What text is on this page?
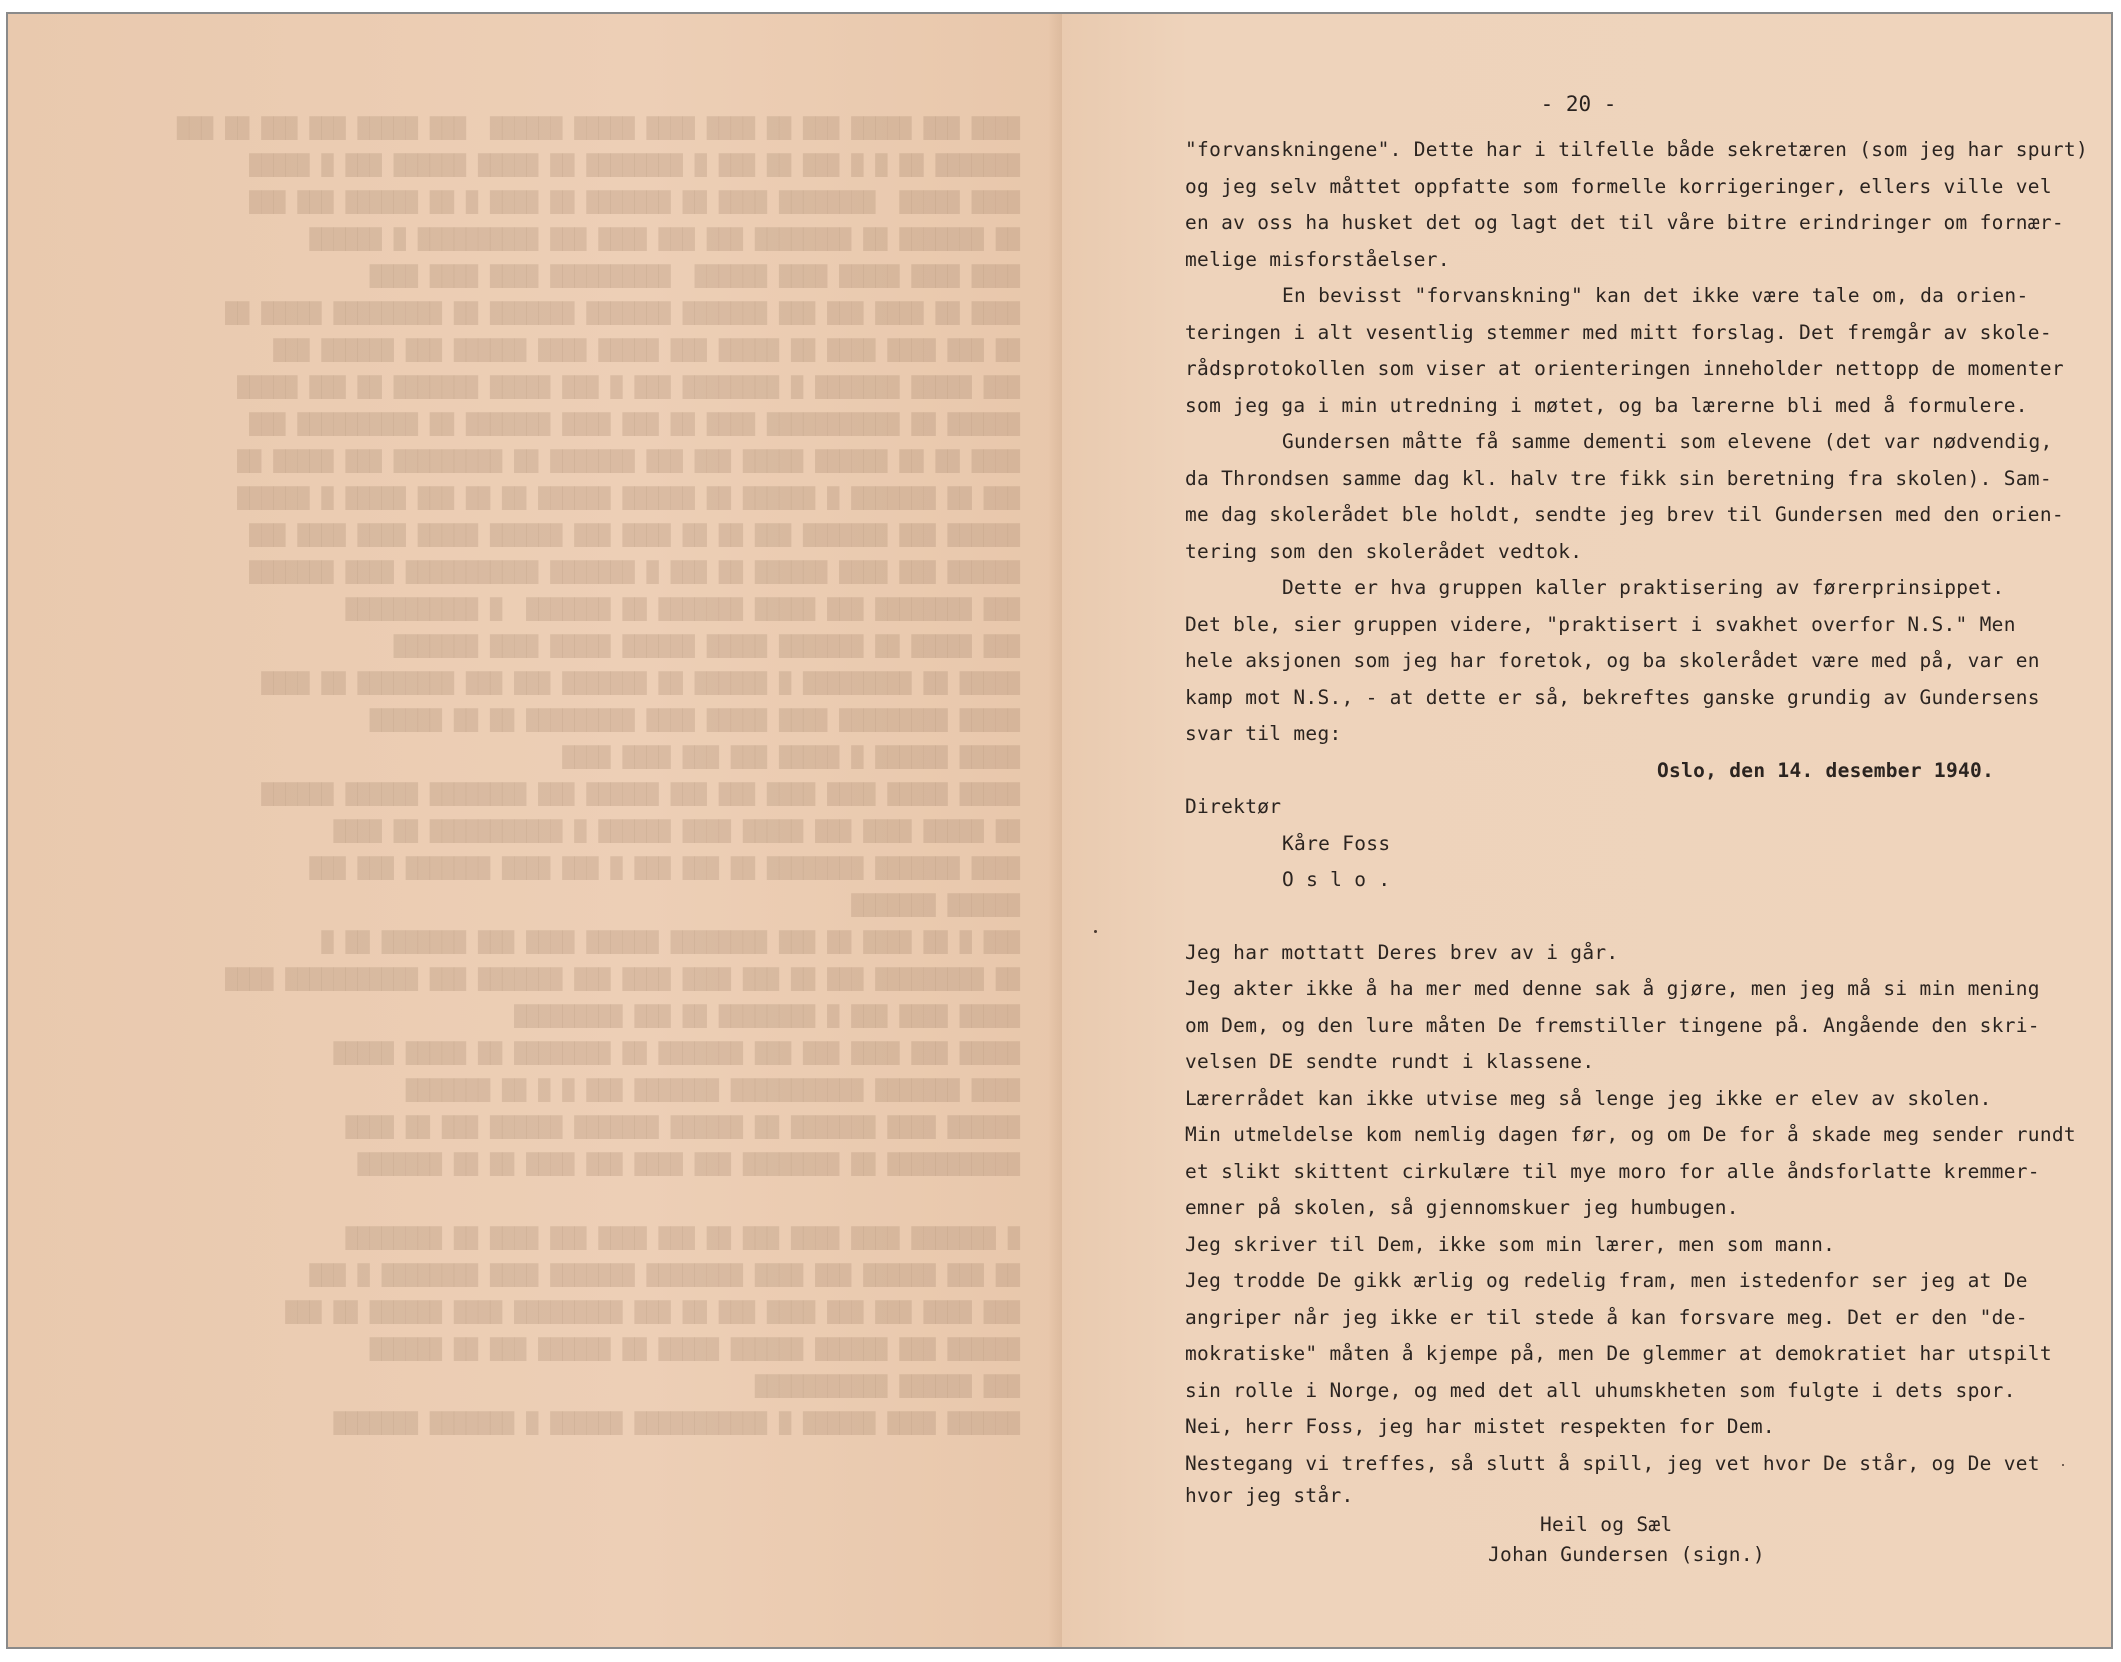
████ ███ █████ ███ ██ ████ ████ █████ ██████  ███ █████ ███ ███ ██ ███
███████ ██ █ █ ███ ██ ███ █ ████████ ██ █████ ██████ ███ █ █████
████ █████  ████████ ████ ██ ███████ ██ ████ █ ██ ██████ ███ ███
██ ███████ ██ ████████ ███ ███ ████ ███ ██████████ █ ██████
████ ████ █████ ████ ██████  ██████████ ████ ████ ████
████ ██ ████ ███ ███ ███████ ███████ ███████ ██ █████████ █████ ██
██ ███ ████ ████ ██ █████ ███ █████ ████ ██████ ███ ██████ ███
███ █████ ███████ █ ████████ ███ █ ███ █████ ███████ ██ ███ █████
██████ ██ ███████████ ████ ██ ███ ████ ███████ ██ ██████████ ███
████ ██ ██ ██████ █████ ███ ███ ███████ ██ █████████ ███ █████ ██
███ ██ ███████ █ ██████ ██ ██████ ██████ ██ ██ ███ █████ █ ██████
██████ ███ ███████ ███ ██ ██ ████ ███ ██████ █████ ████ ████ ███
██████ ███ ████ ██████ ██ ███ █ ███████ ███████████ ████ ███████
███ ████████ ███ █████ ███████ ██ ███████  █ ███████████
███ █████ ██ ███████ █████ ██████ █████ ████ ███████
█████ ██ █████████ █ ██████ ██ ███████ ███ ███ ████████ ██ ████
█████ █████████ ████ █████ ████ █████████ ██ ██ ██████
█████ ██████ █ █████ ███ ███ ████ ████
█████ █████ ████ ████ ███ ███ ██████ ███ ████████ ██████ ██████
██ █████ ████ ███ █████ ████ ██████ █ ███████████ ██ ████
████ ███████ ████████ ██ ███ ███ █ ███ ████ ███████ ███ ███
██████ ███████
███ █ ██ ████ ██ ███ ████████ ██████ ████ ███ ███████ ██ █
██ █████████ ███ ██ ███ ████ ████ ███ ███████ ███ ███████████ ████
█████ ████ ███ █ ████████ ██ ███ █████████
█████ ███ ████ ███ ███ ███████ ██ ████████ ██ █████ █████
████ ███████ ███████████ ███████ ███ █ █ ██ ███████
██████ ████ ███████ ██ ██████ ███████ ██████ ███ ██ ████
███████████ ██ ████████ ███ ████ ███ ████ ██ ██ ███████

█ ███████ ████ ████ ███ ██ ███ ████ ███ ████ ██ ████████
██ ███ ██████ ███ ████ ████████ ███████ ████ ████████ █ ███
███ ████ ███ ███ ████ ███ ██ ███ █████████ ████ ██████ ██ ███
██████ ███ ██████ ██████ █████ ██ ██████ ███ ██ ██████
███ ██████ ███████████
██████ ████ ██████ █ ███████████ ██████ █ ███████ ███████
- 20 -

"forvanskningene". Dette har i tilfelle både sekretæren (som jeg har spurt)

og jeg selv måttet oppfatte som formelle korrigeringer, ellers ville vel

en av oss ha husket det og lagt det til våre bitre erindringer om fornær-

melige misforståelser.

En bevisst "forvanskning" kan det ikke være tale om, da orien-

teringen i alt vesentlig stemmer med mitt forslag. Det fremgår av skole-

rådsprotokollen som viser at orienteringen inneholder nettopp de momenter

som jeg ga i min utredning i møtet, og ba lærerne bli med å formulere.

Gundersen måtte få samme dementi som elevene (det var nødvendig,

da Throndsen samme dag kl. halv tre fikk sin beretning fra skolen). Sam-

me dag skolerådet ble holdt, sendte jeg brev til Gundersen med den orien-

tering som den skolerådet vedtok.

Dette er hva gruppen kaller praktisering av førerprinsippet.

Det ble, sier gruppen videre, "praktisert i svakhet overfor N.S." Men

hele aksjonen som jeg har foretok, og ba skolerådet være med på, var en

kamp mot N.S., - at dette er så, bekreftes ganske grundig av Gundersens

svar til meg:

Oslo, den 14. desember 1940.

Direktør

Kåre Foss

O s l o .

Jeg har mottatt Deres brev av i går.

Jeg akter ikke å ha mer med denne sak å gjøre, men jeg må si min mening

om Dem, og den lure måten De fremstiller tingene på. Angående den skri-

velsen DE sendte rundt i klassene.

Lærerrådet kan ikke utvise meg så lenge jeg ikke er elev av skolen.

Min utmeldelse kom nemlig dagen før, og om De for å skade meg sender rundt

et slikt skittent cirkulære til mye moro for alle åndsforlatte kremmer-

emner på skolen, så gjennomskuer jeg humbugen.

Jeg skriver til Dem, ikke som min lærer, men som mann.

Jeg trodde De gikk ærlig og redelig fram, men istedenfor ser jeg at De

angriper når jeg ikke er til stede å kan forsvare meg. Det er den "de-

mokratiske" måten å kjempe på, men De glemmer at demokratiet har utspilt

sin rolle i Norge, og med det all uhumskheten som fulgte i dets spor.

Nei, herr Foss, jeg har mistet respekten for Dem.

Nestegang vi treffes, så slutt å spill, jeg vet hvor De står, og De vet

hvor jeg står.

Heil og Sæl

Johan Gundersen (sign.)
